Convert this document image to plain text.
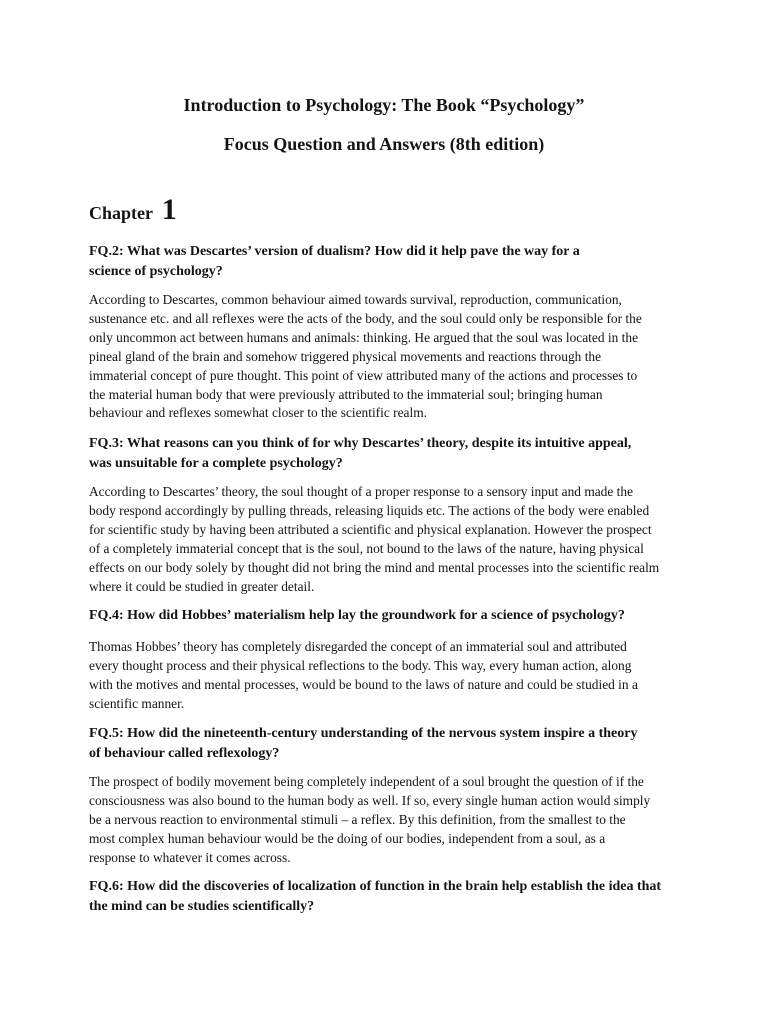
Introduction to Psychology: The Book “Psychology”
Focus Question and Answers (8th edition)
Chapter 1

FQ.2: What was Descartes’ version of dualism? How did it help pave the way for a
science of psychology?

According to Descartes, common behaviour aimed towards survival, reproduction, communication,
sustenance etc. and all reflexes were the acts of the body, and the soul could only be responsible for the
only uncommon act between humans and animals: thinking. He argued that the soul was located in the
pineal gland of the brain and somehow triggered physical movements and reactions through the
immaterial concept of pure thought. This point of view attributed many of the actions and processes to
the material human body that were previously attributed to the immaterial soul; bringing human
behaviour and reflexes somewhat closer to the scientific realm.

FQ.3: What reasons can you think of for why Descartes’ theory, despite its intuitive appeal,
was unsuitable for a complete psychology?

According to Descartes’ theory, the soul thought of a proper response to a sensory input and made the
body respond accordingly by pulling threads, releasing liquids etc. The actions of the body were enabled
for scientific study by having been attributed a scientific and physical explanation. However the prospect
of a completely immaterial concept that is the soul, not bound to the laws of the nature, having physical
effects on our body solely by thought did not bring the mind and mental processes into the scientific realm
where it could be studied in greater detail.

FQ.4: How did Hobbes’ materialism help lay the groundwork for a science of psychology?

Thomas Hobbes’ theory has completely disregarded the concept of an immaterial soul and attributed
every thought process and their physical reflections to the body. This way, every human action, along
with the motives and mental processes, would be bound to the laws of nature and could be studied in a
scientific manner.

FQ.5: How did the nineteenth-century understanding of the nervous system inspire a theory
of behaviour called reflexology?

The prospect of bodily movement being completely independent of a soul brought the question of if the
consciousness was also bound to the human body as well. If so, every single human action would simply
be a nervous reaction to environmental stimuli – a reflex. By this definition, from the smallest to the
most complex human behaviour would be the doing of our bodies, independent from a soul, as a
response to whatever it comes across.

FQ.6: How did the discoveries of localization of function in the brain help establish the idea that
the mind can be studies scientifically?
